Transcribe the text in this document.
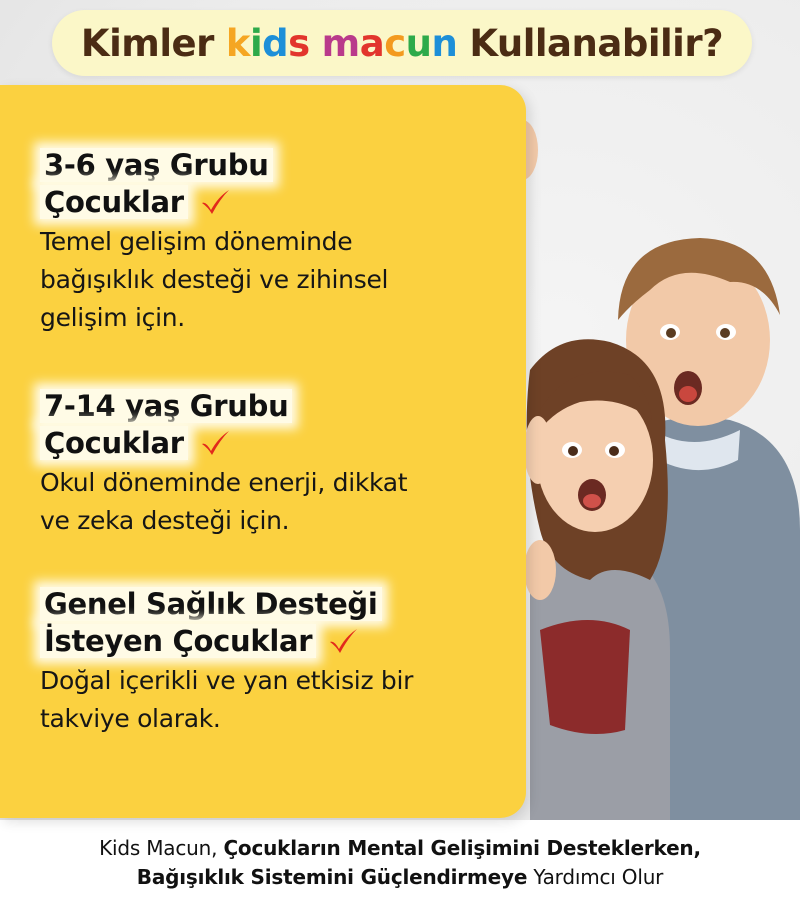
Kimler kids macun Kullanabilir?
3-6 yaş Grubu
Çocuklar
Temel gelişim döneminde
bağışıklık desteği ve zihinsel
gelişim için.
7-14 yaş Grubu
Çocuklar
Okul döneminde enerji, dikkat
ve zeka desteği için.
Genel Sağlık Desteği
İsteyen Çocuklar
Doğal içerikli ve yan etkisiz bir
takviye olarak.
Kids Macun, Çocukların Mental Gelişimini Desteklerken,
Bağışıklık Sistemini Güçlendirmeye Yardımcı Olur
